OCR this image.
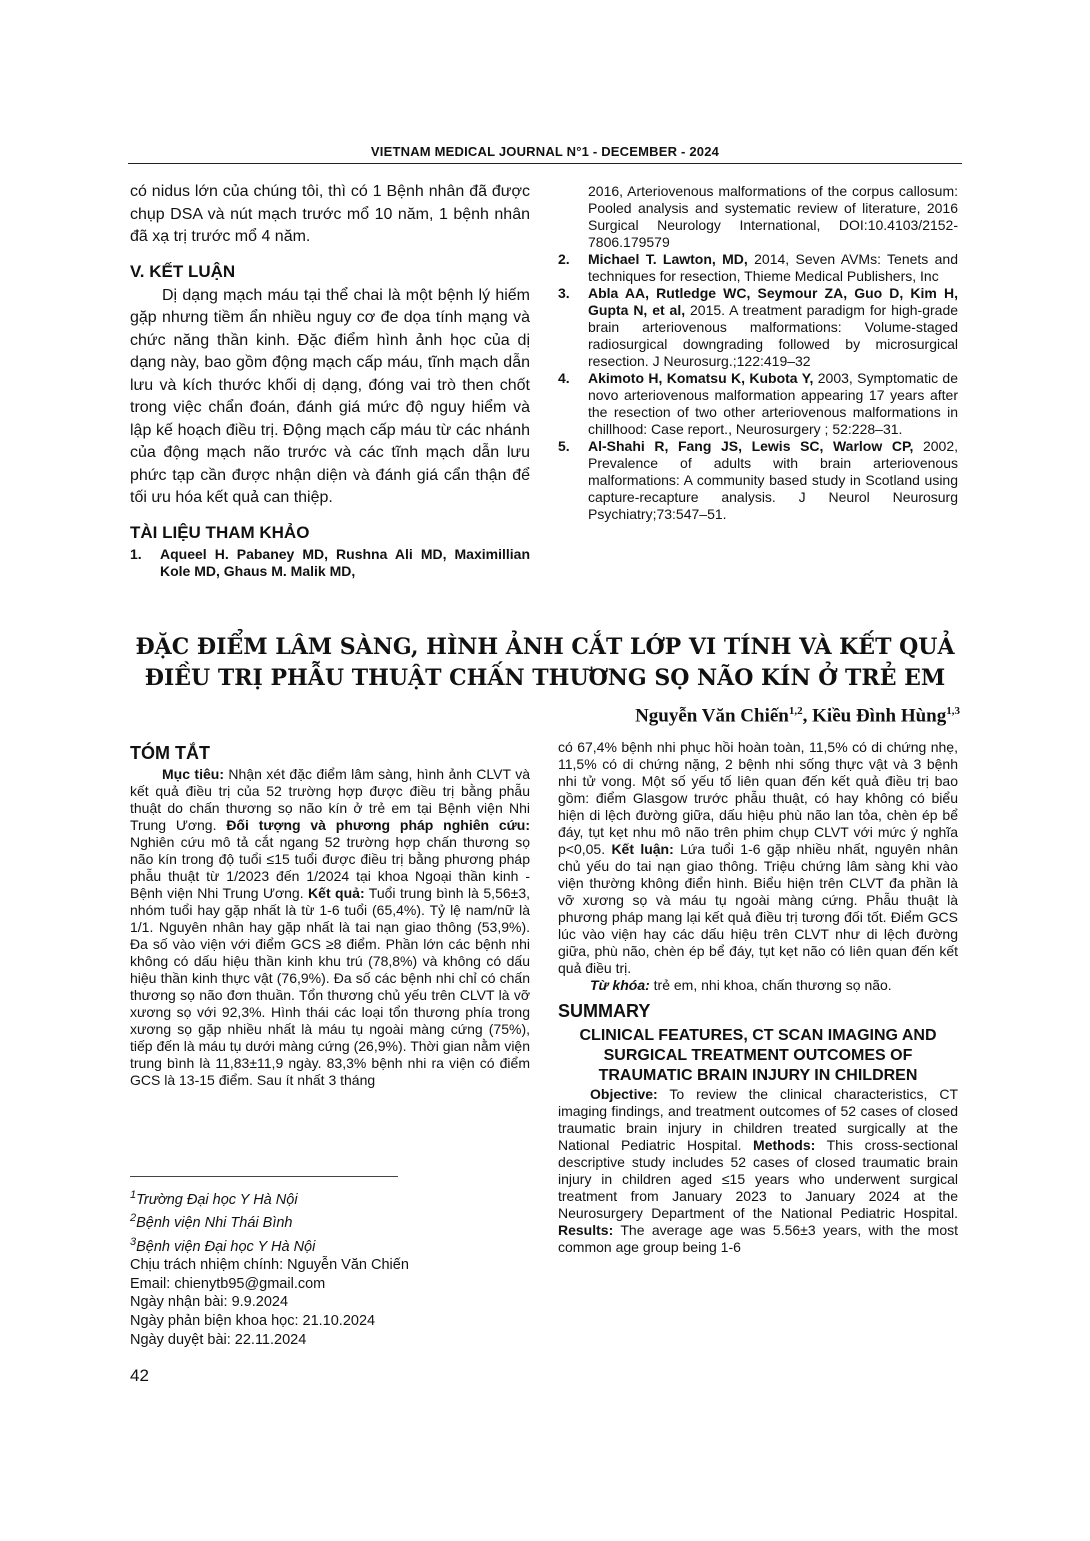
VIETNAM MEDICAL JOURNAL N°1 - DECEMBER - 2024

có nidus lớn của chúng tôi, thì có 1 Bệnh nhân đã được chụp DSA và nút mạch trước mổ 10 năm, 1 bệnh nhân đã xạ trị trước mổ 4 năm.

V. KẾT LUẬN

Dị dạng mạch máu tại thể chai là một bệnh lý hiếm gặp nhưng tiềm ẩn nhiều nguy cơ đe dọa tính mạng và chức năng thần kinh. Đặc điểm hình ảnh học của dị dạng này, bao gồm động mạch cấp máu, tĩnh mạch dẫn lưu và kích thước khối dị dạng, đóng vai trò then chốt trong việc chẩn đoán, đánh giá mức độ nguy hiểm và lập kế hoạch điều trị. Động mạch cấp máu từ các nhánh của động mạch não trước và các tĩnh mạch dẫn lưu phức tạp cần được nhận diện và đánh giá cẩn thận để tối ưu hóa kết quả can thiệp.

TÀI LIỆU THAM KHẢO
1. Aqueel H. Pabaney MD, Rushna Ali MD, Maximillian Kole MD, Ghaus M. Malik MD,

2016, Arteriovenous malformations of the corpus callosum: Pooled analysis and systematic review of literature, 2016 Surgical Neurology International, DOI:10.4103/2152-7806.179579

2. Michael T. Lawton, MD, 2014, Seven AVMs: Tenets and techniques for resection, Thieme Medical Publishers, Inc
3. Abla AA, Rutledge WC, Seymour ZA, Guo D, Kim H, Gupta N, et al, 2015. A treatment paradigm for high-grade brain arteriovenous malformations: Volume-staged radiosurgical downgrading followed by microsurgical resection. J Neurosurg.;122:419–32
4. Akimoto H, Komatsu K, Kubota Y, 2003, Symptomatic de novo arteriovenous malformation appearing 17 years after the resection of two other arteriovenous malformations in chillhood: Case report., Neurosurgery ; 52:228–31.
5. Al-Shahi R, Fang JS, Lewis SC, Warlow CP, 2002, Prevalence of adults with brain arteriovenous malformations: A community based study in Scotland using capture-recapture analysis. J Neurol Neurosurg Psychiatry;73:547–51.
ĐẶC ĐIỂM LÂM SÀNG, HÌNH ẢNH CẮT LỚP VI TÍNH VÀ KẾT QUẢ
ĐIỀU TRỊ PHẪU THUẬT CHẤN THƯƠNG SỌ NÃO KÍN Ở TRẺ EM
Nguyễn Văn Chiến$^{1,2}$, Kiều Đình Hùng$^{1,3}$
TÓM TẮT

Mục tiêu: Nhận xét đặc điểm lâm sàng, hình ảnh CLVT và kết quả điều trị của 52 trường hợp được điều trị bằng phẫu thuật do chấn thương sọ não kín ở trẻ em tại Bệnh viện Nhi Trung Ương. Đối tượng và phương pháp nghiên cứu: Nghiên cứu mô tả cắt ngang 52 trường hợp chấn thương sọ não kín trong độ tuổi ≤15 tuổi được điều trị bằng phương pháp phẫu thuật từ 1/2023 đến 1/2024 tại khoa Ngoại thần kinh - Bệnh viện Nhi Trung Ương. Kết quả: Tuổi trung bình là 5,56±3, nhóm tuổi hay gặp nhất là từ 1-6 tuổi (65,4%). Tỷ lệ nam/nữ là 1/1. Nguyên nhân hay gặp nhất là tai nạn giao thông (53,9%). Đa số vào viện với điểm GCS ≥8 điểm. Phần lớn các bệnh nhi không có dấu hiệu thần kinh khu trú (78,8%) và không có dấu hiệu thần kinh thực vật (76,9%). Đa số các bệnh nhi chỉ có chấn thương sọ não đơn thuần. Tổn thương chủ yếu trên CLVT là vỡ xương sọ với 92,3%. Hình thái các loại tổn thương phía trong xương sọ gặp nhiều nhất là máu tụ ngoài màng cứng (75%), tiếp đến là máu tụ dưới màng cứng (26,9%). Thời gian nằm viện trung bình là 11,83±11,9 ngày. 83,3% bệnh nhi ra viện có điểm GCS là 13-15 điểm. Sau ít nhất 3 tháng

$^1$Trường Đại học Y Hà Nội
$^2$Bệnh viện Nhi Thái Bình
$^3$Bệnh viện Đại học Y Hà Nội
Chịu trách nhiệm chính: Nguyễn Văn Chiến
Email: chienytb95@gmail.com
Ngày nhận bài: 9.9.2024
Ngày phản biện khoa học: 21.10.2024
Ngày duyệt bài: 22.11.2024

có 67,4% bệnh nhi phục hồi hoàn toàn, 11,5% có di chứng nhẹ, 11,5% có di chứng nặng, 2 bệnh nhi sống thực vật và 3 bệnh nhi tử vong. Một số yếu tố liên quan đến kết quả điều trị bao gồm: điểm Glasgow trước phẫu thuật, có hay không có biểu hiện di lệch đường giữa, dấu hiệu phù não lan tỏa, chèn ép bể đáy, tụt kẹt nhu mô não trên phim chụp CLVT với mức ý nghĩa p<0,05. Kết luận: Lứa tuổi 1-6 gặp nhiều nhất, nguyên nhân chủ yếu do tai nạn giao thông. Triệu chứng lâm sàng khi vào viện thường không điển hình. Biểu hiện trên CLVT đa phần là vỡ xương sọ và máu tụ ngoài màng cứng. Phẫu thuật là phương pháp mang lại kết quả điều trị tương đối tốt. Điểm GCS lúc vào viện hay các dấu hiệu trên CLVT như di lệch đường giữa, phù não, chèn ép bể đáy, tụt kẹt não có liên quan đến kết quả điều trị.

Từ khóa: trẻ em, nhi khoa, chấn thương sọ não.

SUMMARY
CLINICAL FEATURES, CT SCAN IMAGING AND SURGICAL TREATMENT OUTCOMES OF TRAUMATIC BRAIN INJURY IN CHILDREN

Objective: To review the clinical characteristics, CT imaging findings, and treatment outcomes of 52 cases of closed traumatic brain injury in children treated surgically at the National Pediatric Hospital. Methods: This cross-sectional descriptive study includes 52 cases of closed traumatic brain injury in children aged ≤15 years who underwent surgical treatment from January 2023 to January 2024 at the Neurosurgery Department of the National Pediatric Hospital. Results: The average age was 5.56±3 years, with the most common age group being 1-6

42
